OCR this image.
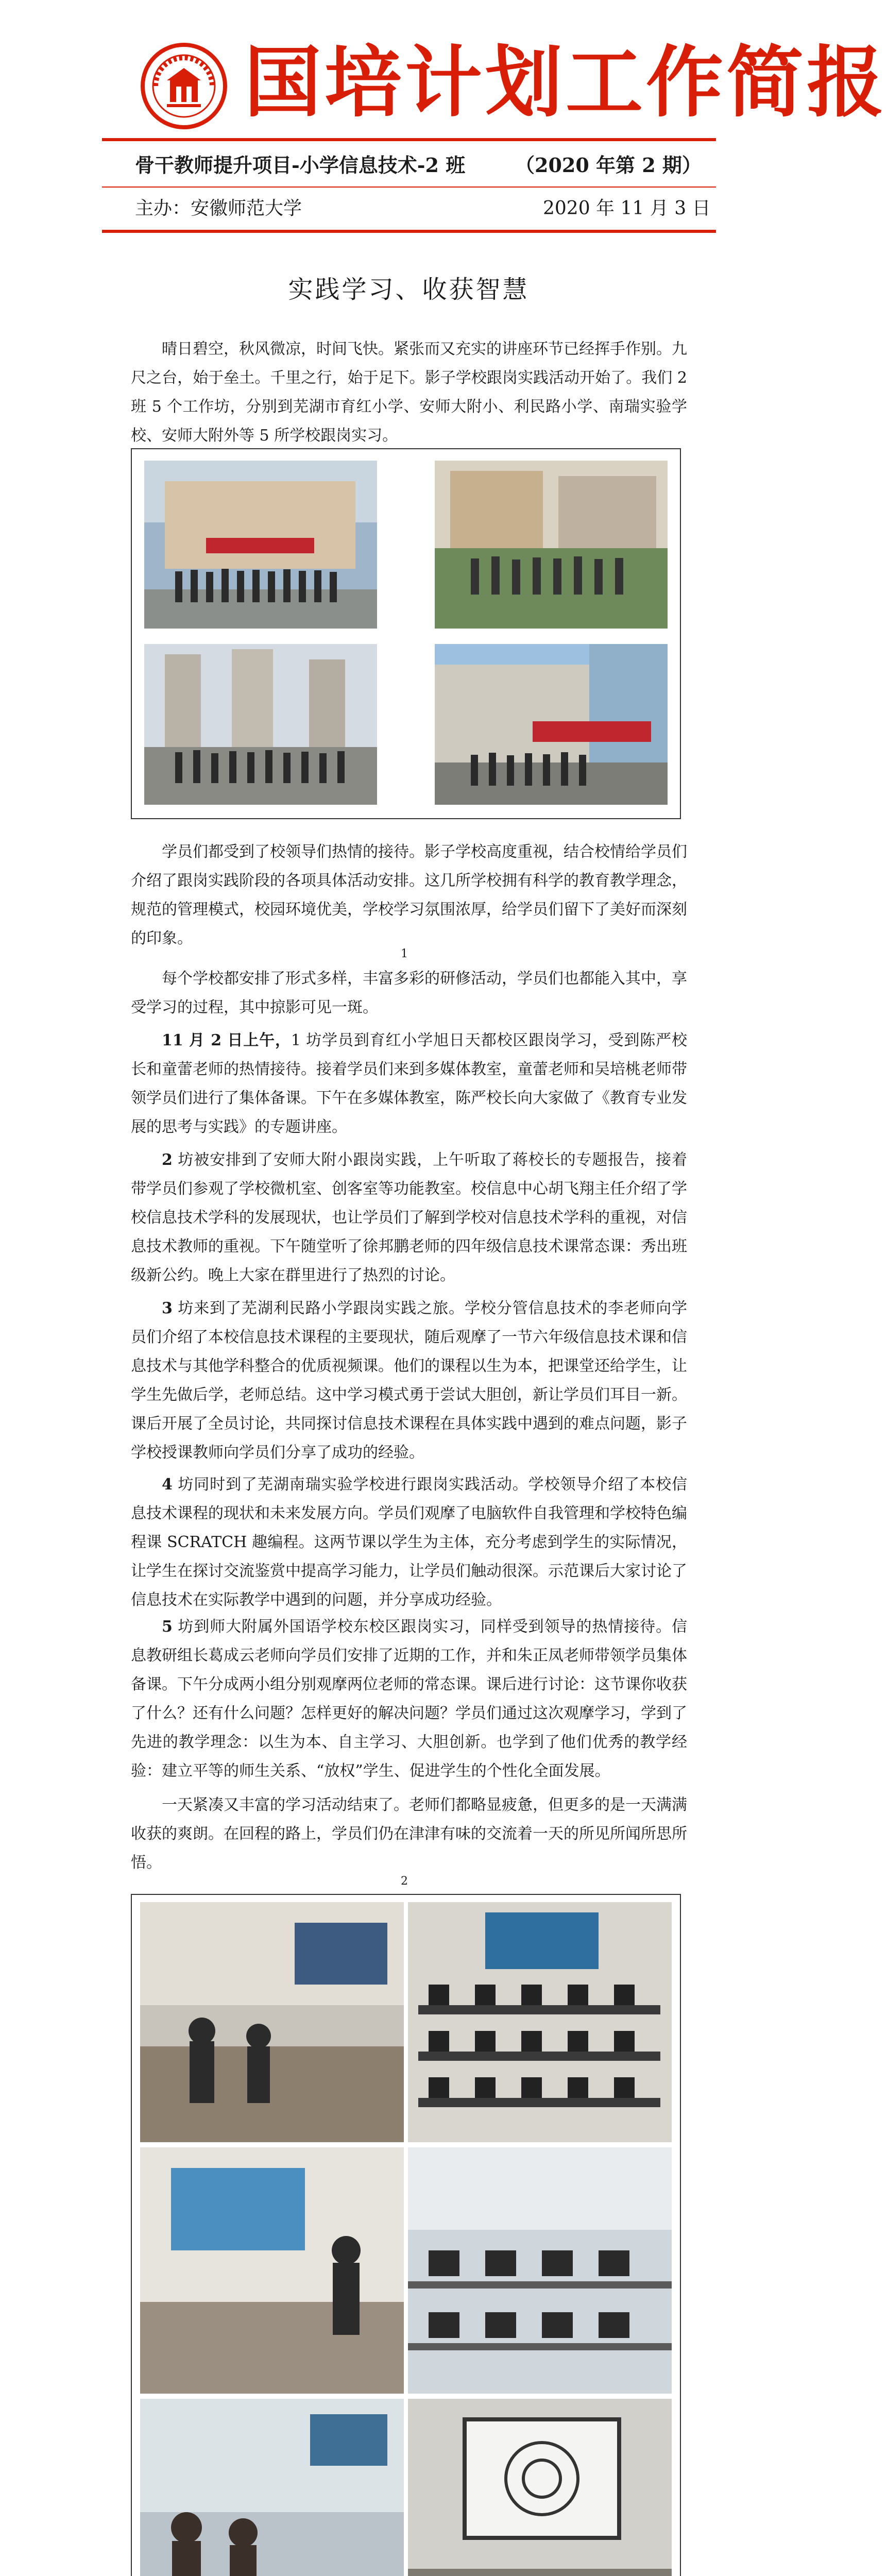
国培计划工作简报
骨干教师提升项目-小学信息技术-2 班	（2020 年第 2 期）
主办：安徽师范大学	2020 年 11 月 3 日
实践学习、收获智慧

晴日碧空，秋风微凉，时间飞快。紧张而又充实的讲座环节已经挥手作别。九尺之台，始于垒土。千里之行，始于足下。影子学校跟岗实践活动开始了。我们 2 班 5 个工作坊，分别到芜湖市育红小学、安师大附小、利民路小学、南瑞实验学校、安师大附外等 5 所学校跟岗实习。

学员们都受到了校领导们热情的接待。影子学校高度重视，结合校情给学员们介绍了跟岗实践阶段的各项具体活动安排。这几所学校拥有科学的教育教学理念，规范的管理模式，校园环境优美，学校学习氛围浓厚，给学员们留下了美好而深刻的印象。

1

每个学校都安排了形式多样，丰富多彩的研修活动，学员们也都能入其中，享受学习的过程，其中掠影可见一斑。

11 月 2 日上午，1 坊学员到育红小学旭日天都校区跟岗学习，受到陈严校长和童蕾老师的热情接待。接着学员们来到多媒体教室，童蕾老师和吴培桃老师带领学员们进行了集体备课。下午在多媒体教室，陈严校长向大家做了《教育专业发展的思考与实践》的专题讲座。

2 坊被安排到了安师大附小跟岗实践，上午听取了蒋校长的专题报告，接着带学员们参观了学校微机室、创客室等功能教室。校信息中心胡飞翔主任介绍了学校信息技术学科的发展现状，也让学员们了解到学校对信息技术学科的重视，对信息技术教师的重视。下午随堂听了徐邦鹏老师的四年级信息技术课常态课：秀出班级新公约。晚上大家在群里进行了热烈的讨论。

3 坊来到了芜湖利民路小学跟岗实践之旅。学校分管信息技术的李老师向学员们介绍了本校信息技术课程的主要现状，随后观摩了一节六年级信息技术课和信息技术与其他学科整合的优质视频课。他们的课程以生为本，把课堂还给学生，让学生先做后学，老师总结。这中学习模式勇于尝试大胆创，新让学员们耳目一新。课后开展了全员讨论，共同探讨信息技术课程在具体实践中遇到的难点问题，影子学校授课教师向学员们分享了成功的经验。

4 坊同时到了芜湖南瑞实验学校进行跟岗实践活动。学校领导介绍了本校信息技术课程的现状和未来发展方向。学员们观摩了电脑软件自我管理和学校特色编程课 SCRATCH 趣编程。这两节课以学生为主体，充分考虑到学生的实际情况，让学生在探讨交流鉴赏中提高学习能力，让学员们触动很深。示范课后大家讨论了信息技术在实际教学中遇到的问题，并分享成功经验。

5 坊到师大附属外国语学校东校区跟岗实习，同样受到领导的热情接待。信息教研组长葛成云老师向学员们安排了近期的工作，并和朱正凤老师带领学员集体备课。下午分成两小组分别观摩两位老师的常态课。课后进行讨论：这节课你收获了什么？还有什么问题？怎样更好的解决问题？学员们通过这次观摩学习，学到了先进的教学理念：以生为本、自主学习、大胆创新。也学到了他们优秀的教学经验：建立平等的师生关系、“放权”学生、促进学生的个性化全面发展。

一天紧凑又丰富的学习活动结束了。老师们都略显疲惫，但更多的是一天满满收获的爽朗。在回程的路上，学员们仍在津津有味的交流着一天的所见所闻所思所悟。

2
